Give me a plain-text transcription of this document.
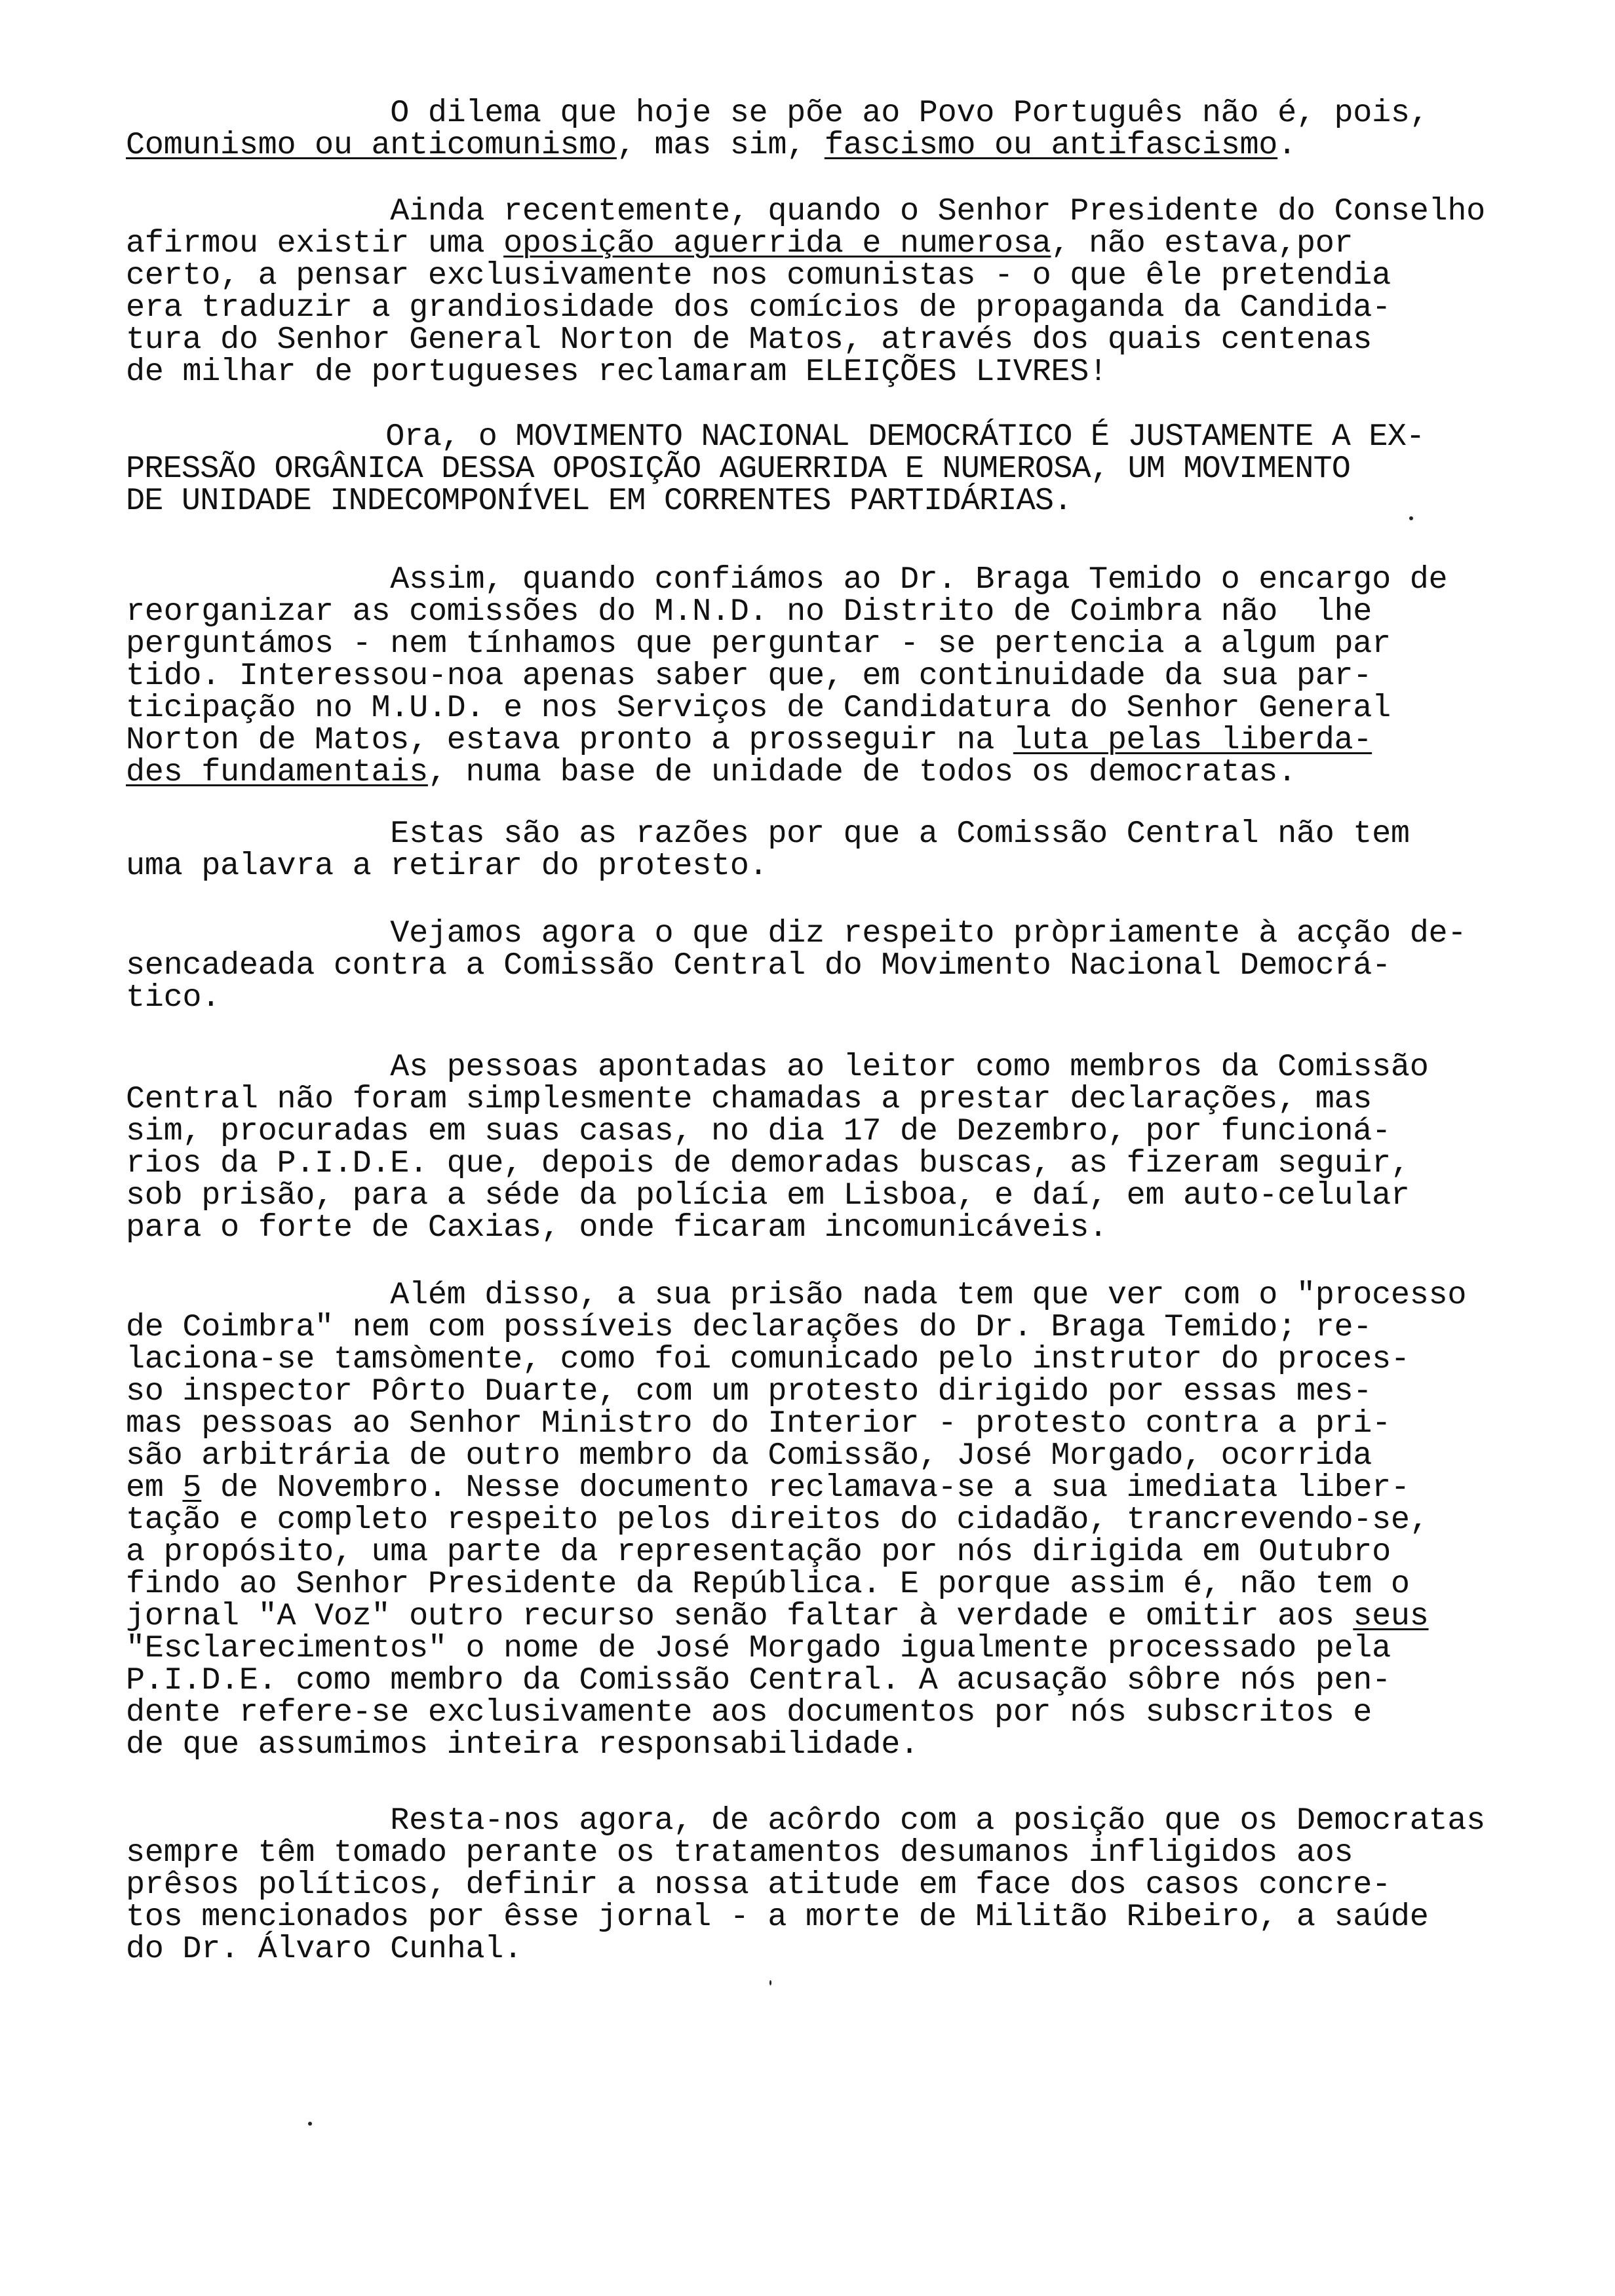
O dilema que hoje se põe ao Povo Português não é, pois,
Comunismo ou anticomunismo, mas sim, fascismo ou antifascismo.
Ainda recentemente, quando o Senhor Presidente do Conselho
afirmou existir uma oposição aguerrida e numerosa, não estava,por
certo, a pensar exclusivamente nos comunistas - o que êle pretendia
era traduzir a grandiosidade dos comícios de propaganda da Candida-
tura do Senhor General Norton de Matos, através dos quais centenas
de milhar de portugueses reclamaram ELEIÇÕES LIVRES!
Ora, o MOVIMENTO NACIONAL DEMOCRÁTICO É JUSTAMENTE A EX-
PRESSÃO ORGÂNICA DESSA OPOSIÇÃO AGUERRIDA E NUMEROSA, UM MOVIMENTO
DE UNIDADE INDECOMPONÍVEL EM CORRENTES PARTIDÁRIAS.
Assim, quando confiámos ao Dr. Braga Temido o encargo de
reorganizar as comissões do M.N.D. no Distrito de Coimbra não  lhe
perguntámos - nem tínhamos que perguntar - se pertencia a algum par
tido. Interessou-noa apenas saber que, em continuidade da sua par-
ticipação no M.U.D. e nos Serviços de Candidatura do Senhor General
Norton de Matos, estava pronto a prosseguir na luta pelas liberda-
des fundamentais, numa base de unidade de todos os democratas.
Estas são as razões por que a Comissão Central não tem
uma palavra a retirar do protesto.
Vejamos agora o que diz respeito pròpriamente à acção de-
sencadeada contra a Comissão Central do Movimento Nacional Democrá-
tico.
As pessoas apontadas ao leitor como membros da Comissão
Central não foram simplesmente chamadas a prestar declarações, mas
sim, procuradas em suas casas, no dia 17 de Dezembro, por funcioná-
rios da P.I.D.E. que, depois de demoradas buscas, as fizeram seguir,
sob prisão, para a séde da polícia em Lisboa, e daí, em auto-celular
para o forte de Caxias, onde ficaram incomunicáveis.
Além disso, a sua prisão nada tem que ver com o "processo
de Coimbra" nem com possíveis declarações do Dr. Braga Temido; re-
laciona-se tamsòmente, como foi comunicado pelo instrutor do proces-
so inspector Pôrto Duarte, com um protesto dirigido por essas mes-
mas pessoas ao Senhor Ministro do Interior - protesto contra a pri-
são arbitrária de outro membro da Comissão, José Morgado, ocorrida
em 5 de Novembro. Nesse documento reclamava-se a sua imediata liber-
tação e completo respeito pelos direitos do cidadão, trancrevendo-se,
a propósito, uma parte da representação por nós dirigida em Outubro
findo ao Senhor Presidente da República. E porque assim é, não tem o
jornal "A Voz" outro recurso senão faltar à verdade e omitir aos seus
"Esclarecimentos" o nome de José Morgado igualmente processado pela
P.I.D.E. como membro da Comissão Central. A acusação sôbre nós pen-
dente refere-se exclusivamente aos documentos por nós subscritos e
de que assumimos inteira responsabilidade.
Resta-nos agora, de acôrdo com a posição que os Democratas
sempre têm tomado perante os tratamentos desumanos infligidos aos
prêsos políticos, definir a nossa atitude em face dos casos concre-
tos mencionados por êsse jornal - a morte de Militão Ribeiro, a saúde
do Dr. Álvaro Cunhal.
